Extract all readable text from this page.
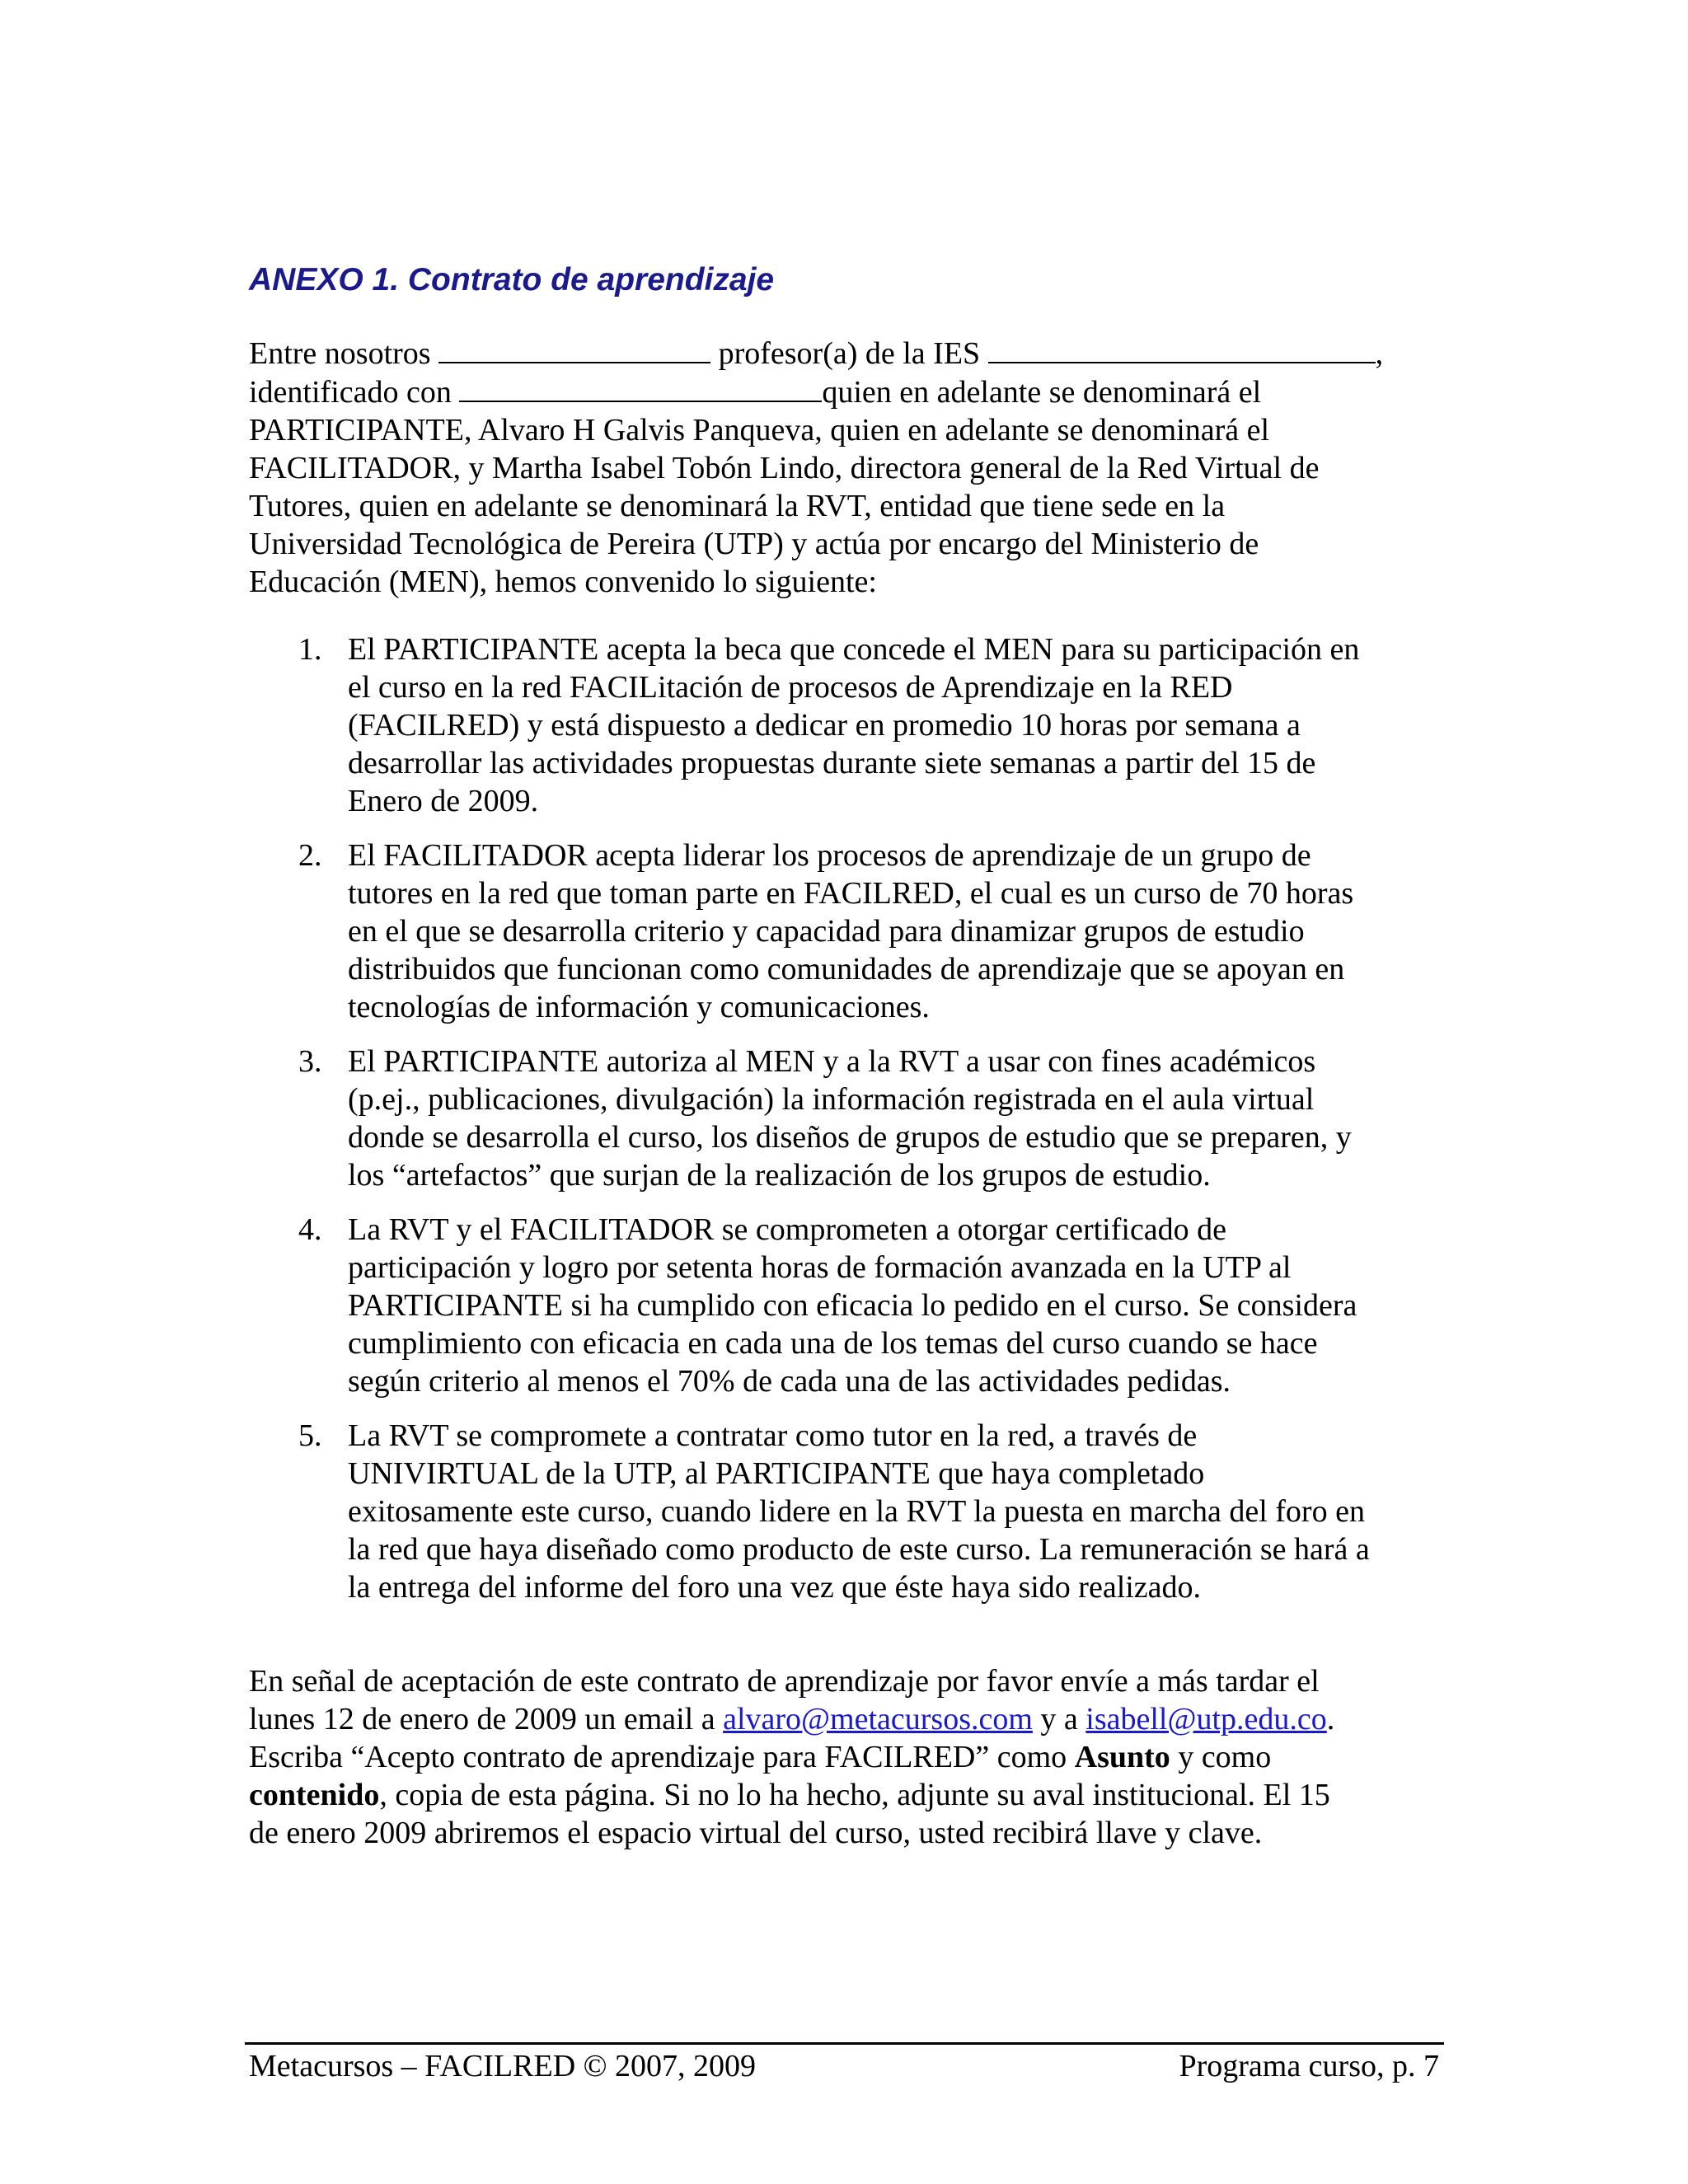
ANEXO 1. Contrato de aprendizaje
Entre nosotros	profesor(a) de la IES	,
identificado con	quien en adelante se denominará el
PARTICIPANTE, Alvaro H Galvis Panqueva, quien en adelante se denominará el
FACILITADOR, y Martha Isabel Tobón Lindo, directora general de la Red Virtual de
Tutores, quien en adelante se denominará la RVT, entidad que tiene sede en la
Universidad Tecnológica de Pereira (UTP) y actúa por encargo del Ministerio de
Educación (MEN), hemos convenido lo siguiente:
1. El PARTICIPANTE acepta la beca que concede el MEN para su participación en
el curso en la red FACILitación de procesos de Aprendizaje en la RED
(FACILRED) y está dispuesto a dedicar en promedio 10 horas por semana a
desarrollar las actividades propuestas durante siete semanas a partir del 15 de
Enero de 2009.
2. El FACILITADOR acepta liderar los procesos de aprendizaje de un grupo de
tutores en la red que toman parte en FACILRED, el cual es un curso de 70 horas
en el que se desarrolla criterio y capacidad para dinamizar grupos de estudio
distribuidos que funcionan como comunidades de aprendizaje que se apoyan en
tecnologías de información y comunicaciones.
3. El PARTICIPANTE autoriza al MEN y a la RVT a usar con fines académicos
(p.ej., publicaciones, divulgación) la información registrada en el aula virtual
donde se desarrolla el curso, los diseños de grupos de estudio que se preparen, y
los “artefactos” que surjan de la realización de los grupos de estudio.
4. La RVT y el FACILITADOR se comprometen a otorgar certificado de
participación y logro por setenta horas de formación avanzada en la UTP al
PARTICIPANTE si ha cumplido con eficacia lo pedido en el curso. Se considera
cumplimiento con eficacia en cada una de los temas del curso cuando se hace
según criterio al menos el 70% de cada una de las actividades pedidas.
5. La RVT se compromete a contratar como tutor en la red, a través de
UNIVIRTUAL de la UTP, al PARTICIPANTE que haya completado
exitosamente este curso, cuando lidere en la RVT la puesta en marcha del foro en
la red que haya diseñado como producto de este curso. La remuneración se hará a
la entrega del informe del foro una vez que éste haya sido realizado.
En señal de aceptación de este contrato de aprendizaje por favor envíe a más tardar el
lunes 12 de enero de 2009 un email a alvaro@metacursos.com y a isabell@utp.edu.co.
Escriba “Acepto contrato de aprendizaje para FACILRED” como Asunto y como
contenido, copia de esta página. Si no lo ha hecho, adjunte su aval institucional. El 15
de enero 2009 abriremos el espacio virtual del curso, usted recibirá llave y clave.
Metacursos – FACILRED © 2007, 2009	Programa curso, p. 7
